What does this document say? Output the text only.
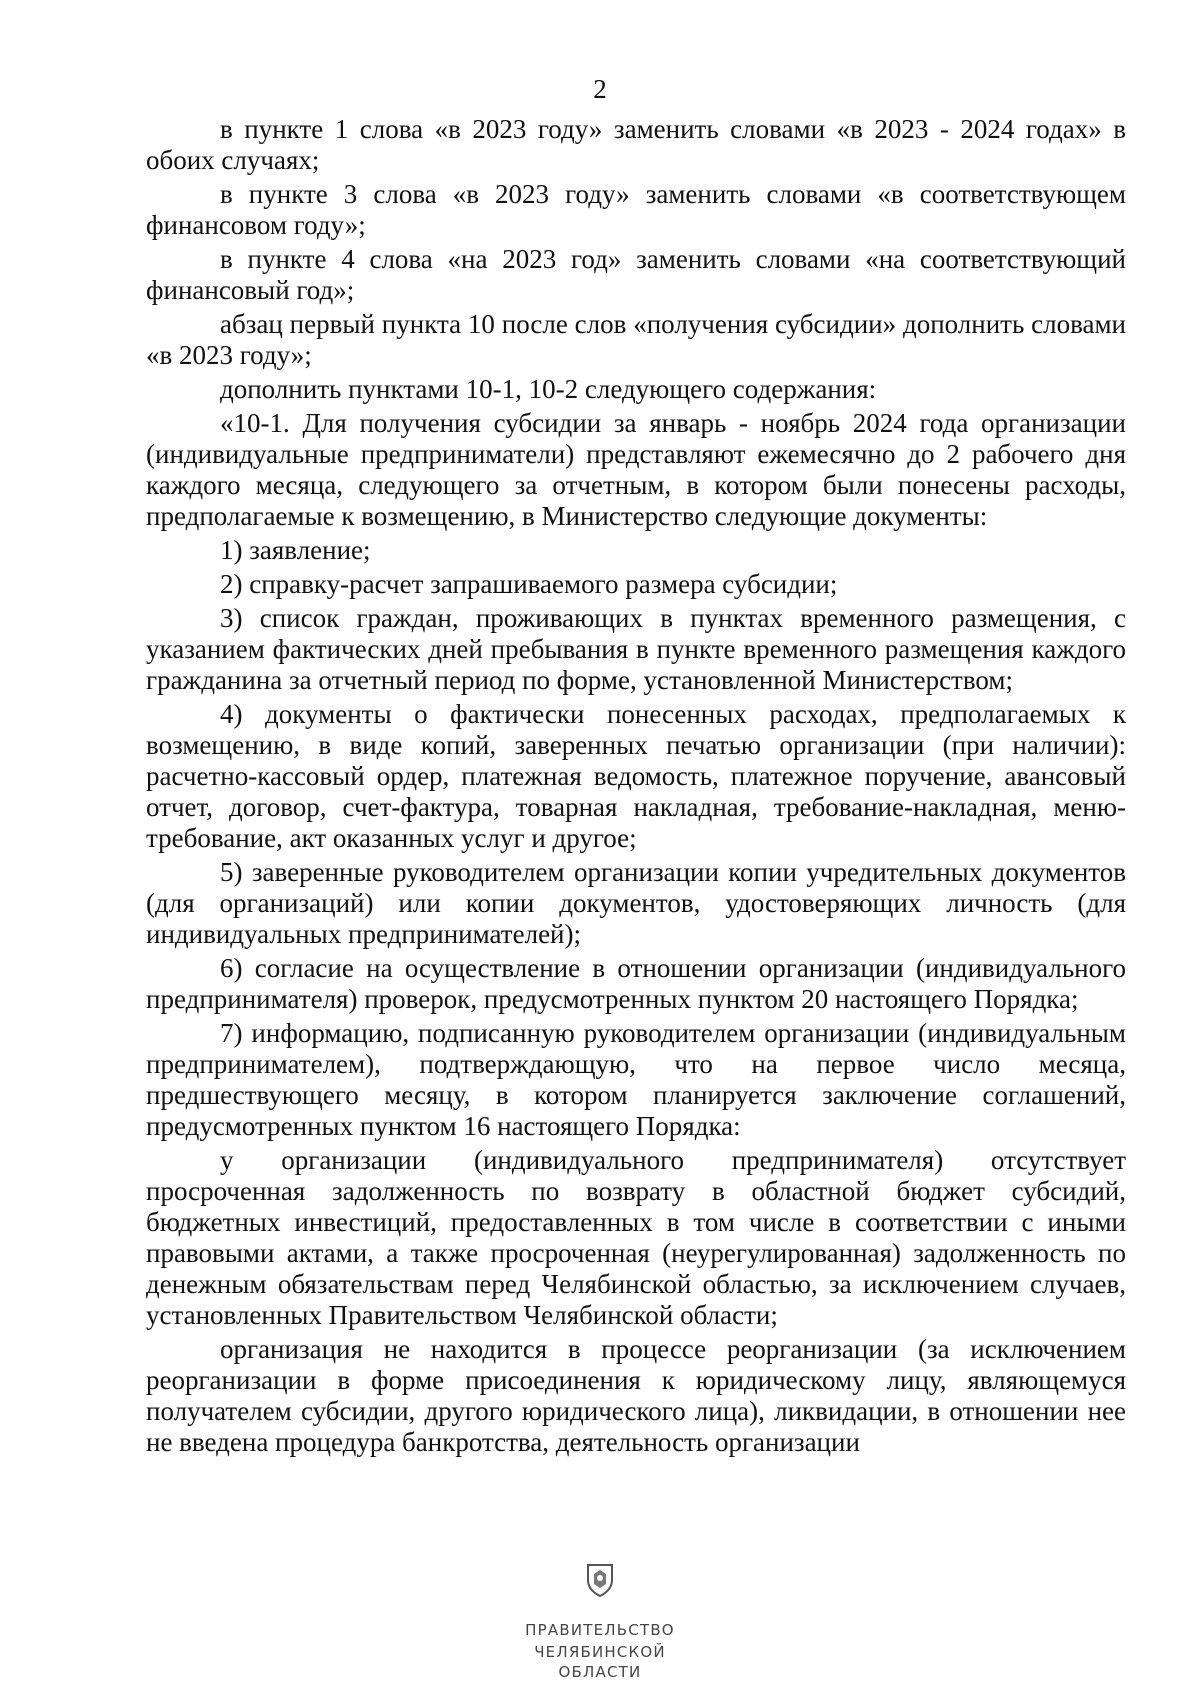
2

в пункте 1 слова «в 2023 году» заменить словами «в 2023 - 2024 годах» в обоих случаях;

в пункте 3 слова «в 2023 году» заменить словами «в соответствующем финансовом году»;

в пункте 4 слова «на 2023 год» заменить словами «на соответствующий финансовый год»;

абзац первый пункта 10 после слов «получения субсидии» дополнить словами «в 2023 году»;

дополнить пунктами 10-1, 10-2 следующего содержания:

«10-1. Для получения субсидии за январь - ноябрь 2024 года организации (индивидуальные предприниматели) представляют ежемесячно до 2 рабочего дня каждого месяца, следующего за отчетным, в котором были понесены расходы, предполагаемые к возмещению, в Министерство следующие документы:

1) заявление;

2) справку-расчет запрашиваемого размера субсидии;

3) список граждан, проживающих в пунктах временного размещения, с указанием фактических дней пребывания в пункте временного размещения каждого гражданина за отчетный период по форме, установленной Министерством;

4) документы о фактически понесенных расходах, предполагаемых к возмещению, в виде копий, заверенных печатью организации (при наличии): расчетно-кассовый ордер, платежная ведомость, платежное поручение, авансовый отчет, договор, счет-фактура, товарная накладная, требование-накладная, меню-требование, акт оказанных услуг и другое;

5) заверенные руководителем организации копии учредительных документов (для организаций) или копии документов, удостоверяющих личность (для индивидуальных предпринимателей);

6) согласие на осуществление в отношении организации (индивидуального предпринимателя) проверок, предусмотренных пунктом 20 настоящего Порядка;

7) информацию, подписанную руководителем организации (индивидуальным предпринимателем), подтверждающую, что на первое число месяца, предшествующего месяцу, в котором планируется заключение соглашений, предусмотренных пунктом 16 настоящего Порядка:

у организации (индивидуального предпринимателя) отсутствует просроченная задолженность по возврату в областной бюджет субсидий, бюджетных инвестиций, предоставленных в том числе в соответствии с иными правовыми актами, а также просроченная (неурегулированная) задолженность по денежным обязательствам перед Челябинской областью, за исключением случаев, установленных Правительством Челябинской области;

организация не находится в процессе реорганизации (за исключением реорганизации в форме присоединения к юридическому лицу, являющемуся получателем субсидии, другого юридического лица), ликвидации, в отношении нее не введена процедура банкротства, деятельность организации

ПРАВИТЕЛЬСТВО
ЧЕЛЯБИНСКОЙ ОБЛАСТИ
